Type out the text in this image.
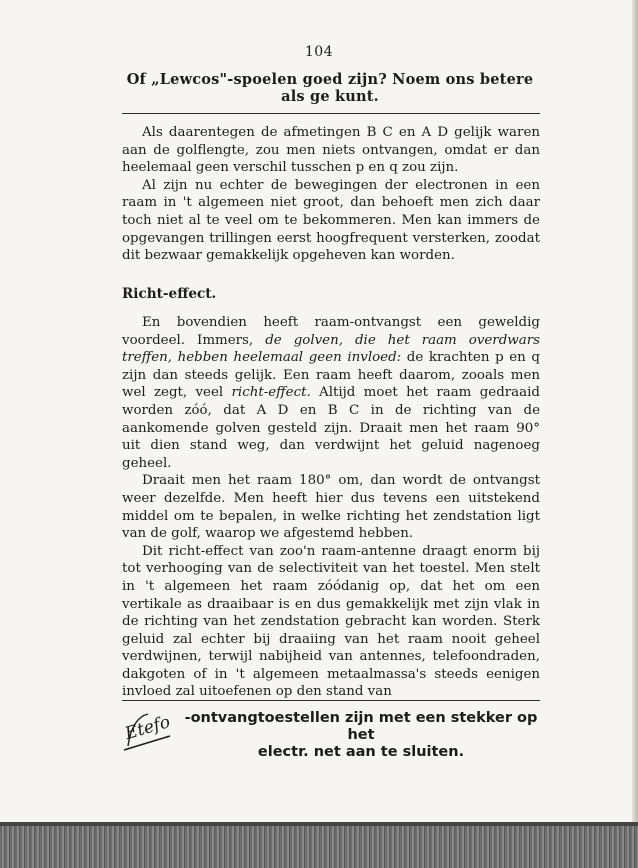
104
Of „Lewcos"-spoelen goed zijn? Noem ons betere als ge kunt.

Als daarentegen de afmetingen B C en A D gelijk waren aan de golflengte, zou men niets ontvangen, omdat er dan heelemaal geen verschil tusschen p en q zou zijn.

Al zijn nu echter de bewegingen der electronen in een raam in 't algemeen niet groot, dan behoeft men zich daar toch niet al te veel om te bekommeren. Men kan immers de opgevangen trillingen eerst hoogfrequent versterken, zoodat dit bezwaar gemakkelijk opgeheven kan worden.

Richt-effect.

En bovendien heeft raam-ontvangst een geweldig voordeel. Immers, de golven, die het raam overdwars treffen, hebben heelemaal geen invloed: de krachten p en q zijn dan steeds gelijk. Een raam heeft daarom, zooals men wel zegt, veel richt-effect. Altijd moet het raam gedraaid worden zóó, dat A D en B C in de richting van de aankomende golven gesteld zijn. Draait men het raam 90° uit dien stand weg, dan verdwijnt het geluid nagenoeg geheel.

Draait men het raam 180° om, dan wordt de ontvangst weer dezelfde. Men heeft hier dus tevens een uitstekend middel om te bepalen, in welke richting het zendstation ligt van de golf, waarop we afgestemd hebben.

Dit richt-effect van zoo'n raam-antenne draagt enorm bij tot verhooging van de selectiviteit van het toestel. Men stelt in 't algemeen het raam zóódanig op, dat het om een vertikale as draaibaar is en dus gemakkelijk met zijn vlak in de richting van het zendstation gebracht kan worden. Sterk geluid zal echter bij draaiing van het raam nooit geheel verdwijnen, terwijl nabijheid van antennes, telefoondraden, dakgoten of in 't algemeen metaalmassa's steeds eenigen invloed zal uitoefenen op den stand van

Etefo -ontvangtoestellen zijn met een stekker op het
electr. net aan te sluiten.
